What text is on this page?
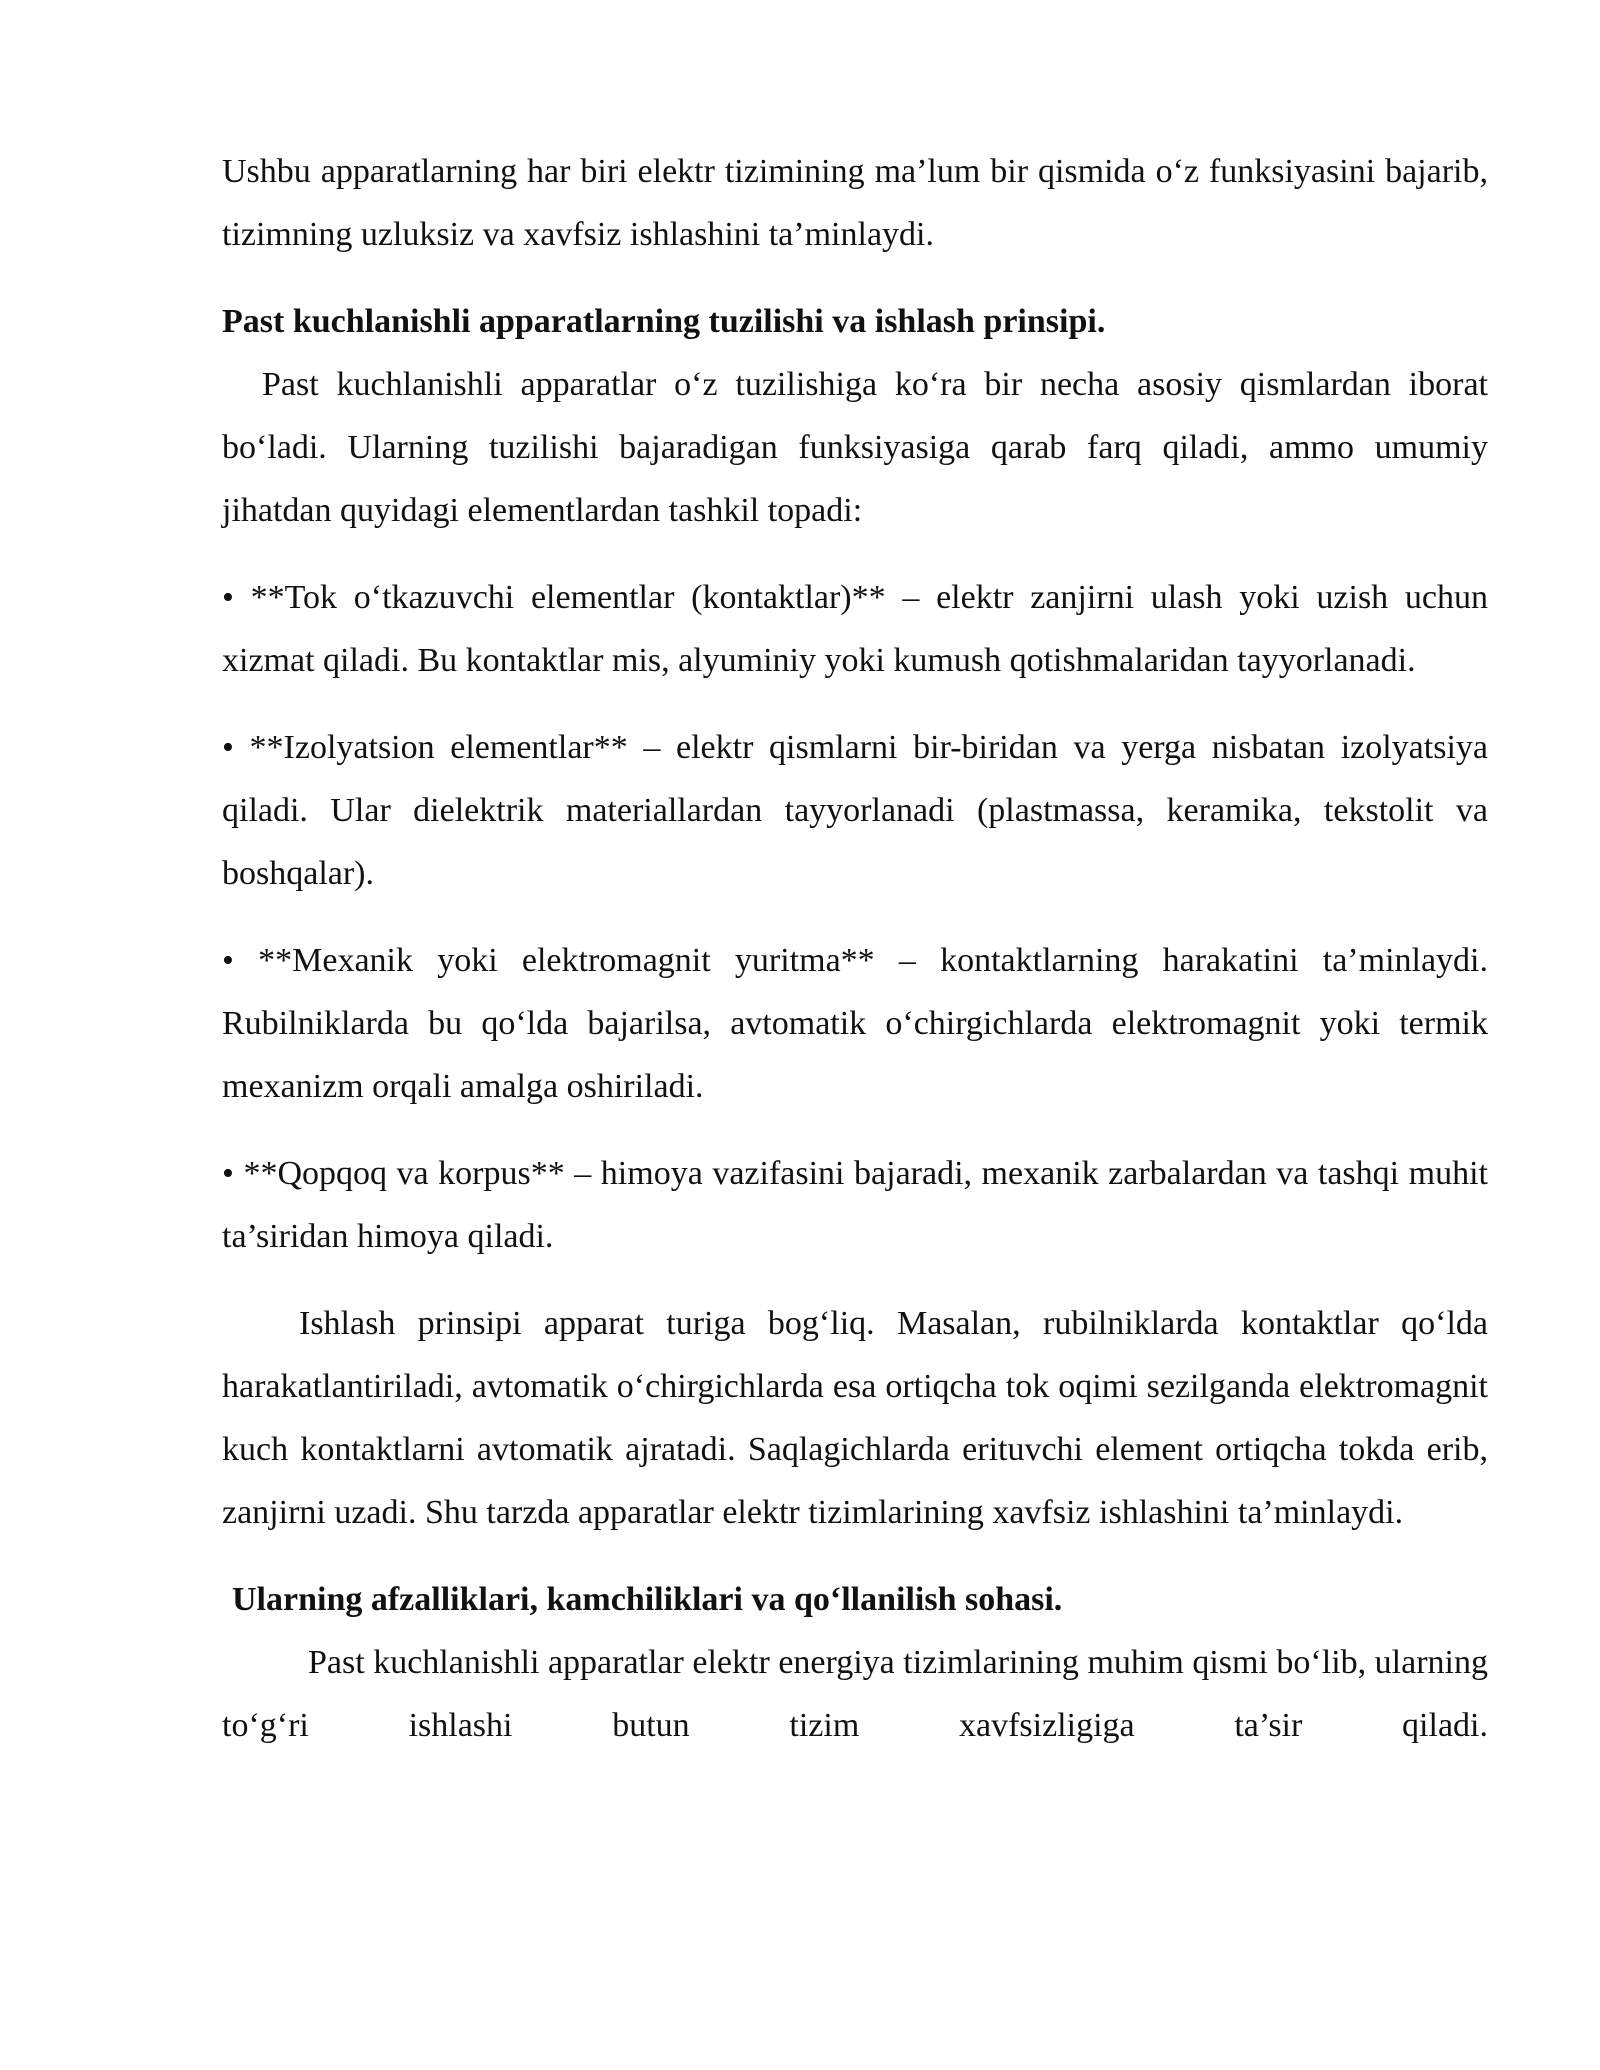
Ushbu apparatlarning har biri elektr tizimining ma’lum bir qismida o‘z funksiyasini bajarib, tizimning uzluksiz va xavfsiz ishlashini ta’minlaydi.

Past kuchlanishli apparatlarning tuzilishi va ishlash prinsipi.

Past kuchlanishli apparatlar o‘z tuzilishiga ko‘ra bir necha asosiy qismlardan iborat bo‘ladi. Ularning tuzilishi bajaradigan funksiyasiga qarab farq qiladi, ammo umumiy jihatdan quyidagi elementlardan tashkil topadi:

• **Tok o‘tkazuvchi elementlar (kontaktlar)** – elektr zanjirni ulash yoki uzish uchun xizmat qiladi. Bu kontaktlar mis, alyuminiy yoki kumush qotishmalaridan tayyorlanadi.

• **Izolyatsion elementlar** – elektr qismlarni bir-biridan va yerga nisbatan izolyatsiya qiladi. Ular dielektrik materiallardan tayyorlanadi (plastmassa, keramika, tekstolit va boshqalar).

• **Mexanik yoki elektromagnit yuritma** – kontaktlarning harakatini ta’minlaydi. Rubilniklarda bu qo‘lda bajarilsa, avtomatik o‘chirgichlarda elektromagnit yoki termik mexanizm orqali amalga oshiriladi.

• **Qopqoq va korpus** – himoya vazifasini bajaradi, mexanik zarbalardan va tashqi muhit ta’siridan himoya qiladi.

Ishlash prinsipi apparat turiga bog‘liq. Masalan, rubilniklarda kontaktlar qo‘lda harakatlantiriladi, avtomatik o‘chirgichlarda esa ortiqcha tok oqimi sezilganda elektromagnit kuch kontaktlarni avtomatik ajratadi. Saqlagichlarda erituvchi element ortiqcha tokda erib, zanjirni uzadi. Shu tarzda apparatlar elektr tizimlarining xavfsiz ishlashini ta’minlaydi.

Ularning afzalliklari, kamchiliklari va qo‘llanilish sohasi.

Past kuchlanishli apparatlar elektr energiya tizimlarining muhim qismi bo‘lib, ularning to‘g‘ri ishlashi butun tizim xavfsizligiga ta’sir qiladi.
